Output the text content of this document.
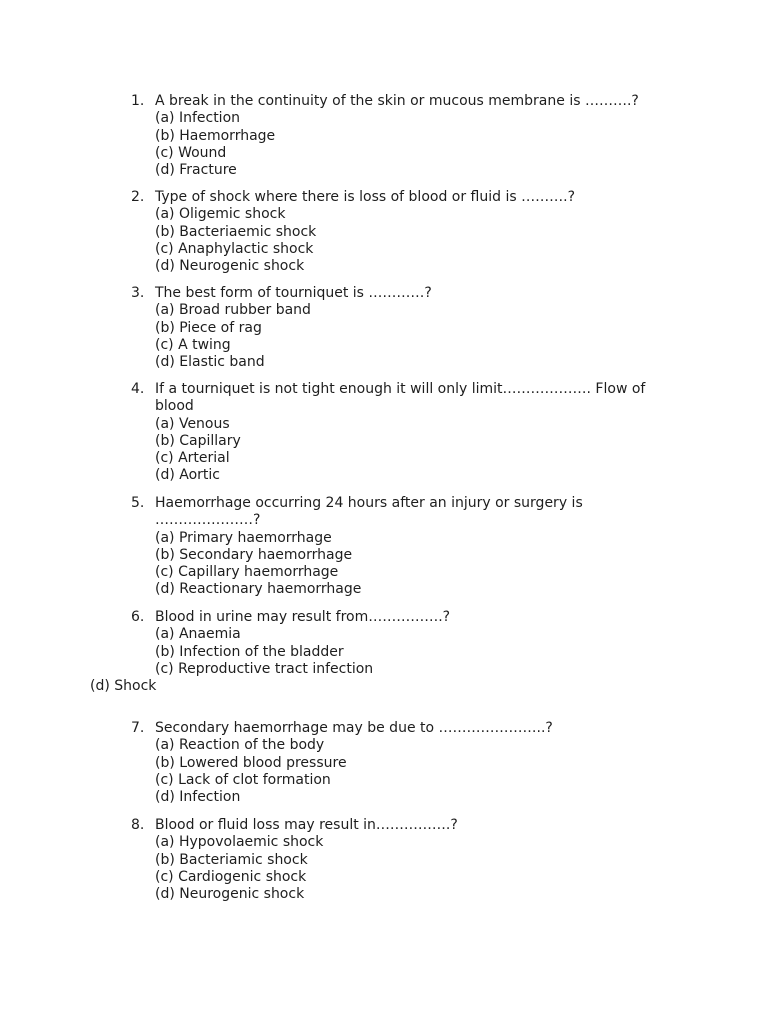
1. A break in the continuity of the skin or mucous membrane is ……….?
(a) Infection
(b) Haemorrhage
(c) Wound
(d) Fracture
2. Type of shock where there is loss of blood or fluid is ……….?
(a) Oligemic shock
(b) Bacteriaemic shock
(c) Anaphylactic shock
(d) Neurogenic shock
3. The best form of tourniquet is …………?
(a) Broad rubber band
(b) Piece of rag
(c) A twing
(d) Elastic band
4. If a tourniquet is not tight enough it will only limit………………. Flow of blood
(a) Venous
(b) Capillary
(c) Arterial
(d) Aortic
5. Haemorrhage occurring 24 hours after an injury or surgery is …………………?
(a) Primary haemorrhage
(b) Secondary haemorrhage
(c) Capillary haemorrhage
(d) Reactionary haemorrhage
6. Blood in urine may result from…………….?
(a) Anaemia
(b) Infection of the bladder
(c) Reproductive tract infection
(d) Shock
7. Secondary haemorrhage may be due to …………………..?
(a) Reaction of the body
(b) Lowered blood pressure
(c) Lack of clot formation
(d) Infection
8. Blood or fluid loss may result in…………….?
(a) Hypovolaemic shock
(b) Bacteriamic shock
(c) Cardiogenic shock
(d) Neurogenic shock
